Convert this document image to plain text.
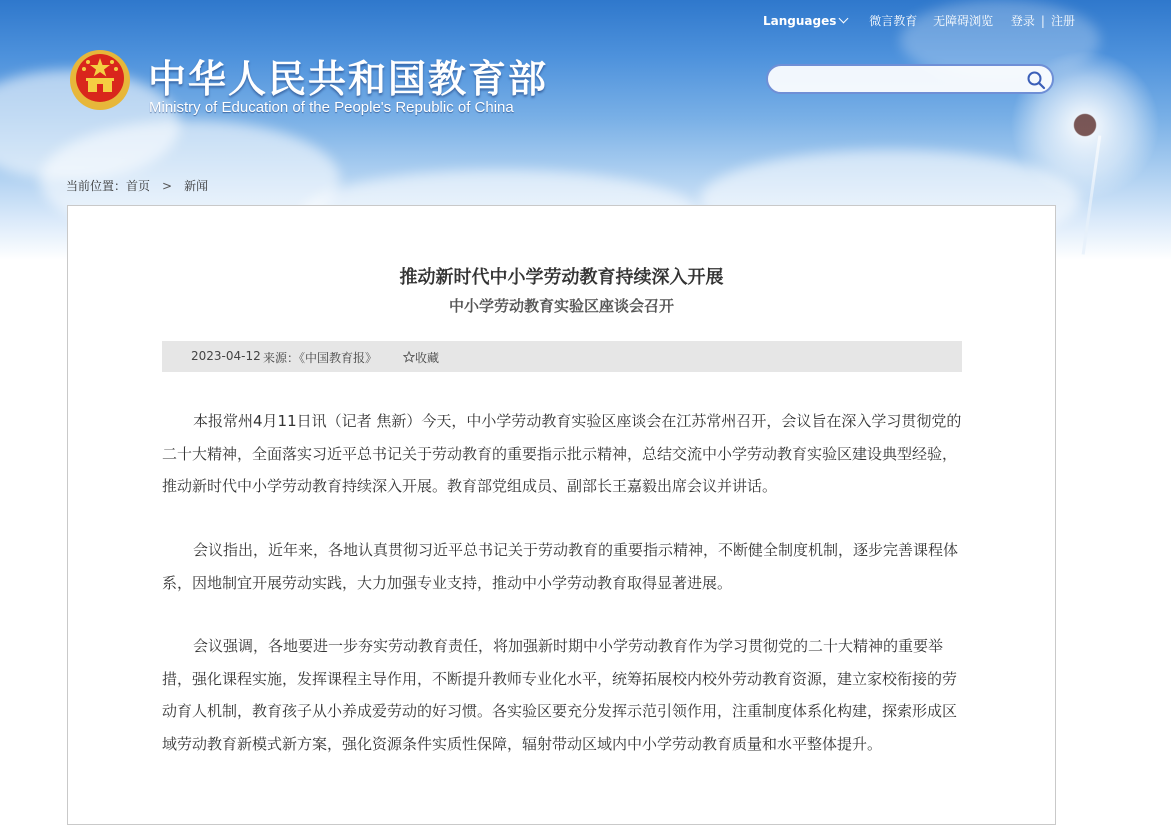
Languages	微言教育 无障碍浏览 登录 | 注册
中华人民共和国教育部
Ministry of Education of the People's Republic of China
当前位置：首页 > 新闻
推动新时代中小学劳动教育持续深入开展
中小学劳动教育实验区座谈会召开
2023-04-12 来源：《中国教育报》	收藏

本报常州4月11日讯（记者 焦新）今天，中小学劳动教育实验区座谈会在江苏常州召开，会议旨在深入学习贯彻党的二十大精神，全面落实习近平总书记关于劳动教育的重要指示批示精神，总结交流中小学劳动教育实验区建设典型经验，推动新时代中小学劳动教育持续深入开展。教育部党组成员、副部长王嘉毅出席会议并讲话。

会议指出，近年来，各地认真贯彻习近平总书记关于劳动教育的重要指示精神，不断健全制度机制，逐步完善课程体系，因地制宜开展劳动实践，大力加强专业支持，推动中小学劳动教育取得显著进展。

会议强调，各地要进一步夯实劳动教育责任，将加强新时期中小学劳动教育作为学习贯彻党的二十大精神的重要举措，强化课程实施，发挥课程主导作用，不断提升教师专业化水平，统筹拓展校内校外劳动教育资源，建立家校衔接的劳动育人机制，教育孩子从小养成爱劳动的好习惯。各实验区要充分发挥示范引领作用，注重制度体系化构建，探索形成区域劳动教育新模式新方案，强化资源条件实质性保障，辐射带动区域内中小学劳动教育质量和水平整体提升。
